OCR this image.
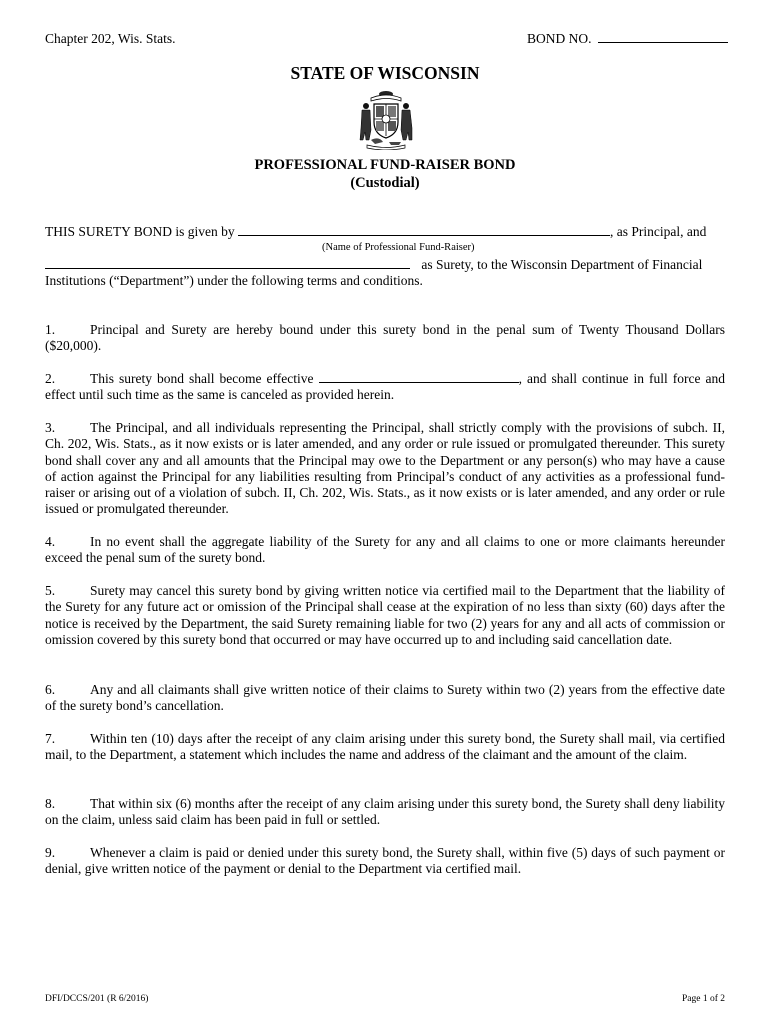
Chapter 202, Wis. Stats.	BOND NO.
STATE OF WISCONSIN
PROFESSIONAL FUND-RAISER BOND
(Custodial)
THIS SURETY BOND is given by	, as Principal, and
(Name of Professional Fund-Raiser)
as Surety, to the Wisconsin Department of Financial
Institutions (“Department”) under the following terms and conditions.
1.	Principal and Surety are hereby bound under this surety bond in the penal sum of Twenty Thousand Dollars ($20,000).
2.	This surety bond shall become effective	, and shall continue in full force and effect until such time as the same is canceled as provided herein.
3.	The Principal, and all individuals representing the Principal, shall strictly comply with the provisions of subch. II, Ch. 202, Wis. Stats., as it now exists or is later amended, and any order or rule issued or promulgated thereunder. This surety bond shall cover any and all amounts that the Principal may owe to the Department or any person(s) who may have a cause of action against the Principal for any liabilities resulting from Principal’s conduct of any activities as a professional fund-raiser or arising out of a violation of subch. II, Ch. 202, Wis. Stats., as it now exists or is later amended, and any order or rule issued or promulgated thereunder.
4.	In no event shall the aggregate liability of the Surety for any and all claims to one or more claimants hereunder exceed the penal sum of the surety bond.
5.	Surety may cancel this surety bond by giving written notice via certified mail to the Department that the liability of the Surety for any future act or omission of the Principal shall cease at the expiration of no less than sixty (60) days after the notice is received by the Department, the said Surety remaining liable for two (2) years for any and all acts of commission or omission covered by this surety bond that occurred or may have occurred up to and including said cancellation date.
6.	Any and all claimants shall give written notice of their claims to Surety within two (2) years from the effective date of the surety bond’s cancellation.
7.	Within ten (10) days after the receipt of any claim arising under this surety bond, the Surety shall mail, via certified mail, to the Department, a statement which includes the name and address of the claimant and the amount of the claim.
8.	That within six (6) months after the receipt of any claim arising under this surety bond, the Surety shall deny liability on the claim, unless said claim has been paid in full or settled.
9.	Whenever a claim is paid or denied under this surety bond, the Surety shall, within five (5) days of such payment or denial, give written notice of the payment or denial to the Department via certified mail.
DFI/DCCS/201 (R 6/2016)	Page 1 of 2
